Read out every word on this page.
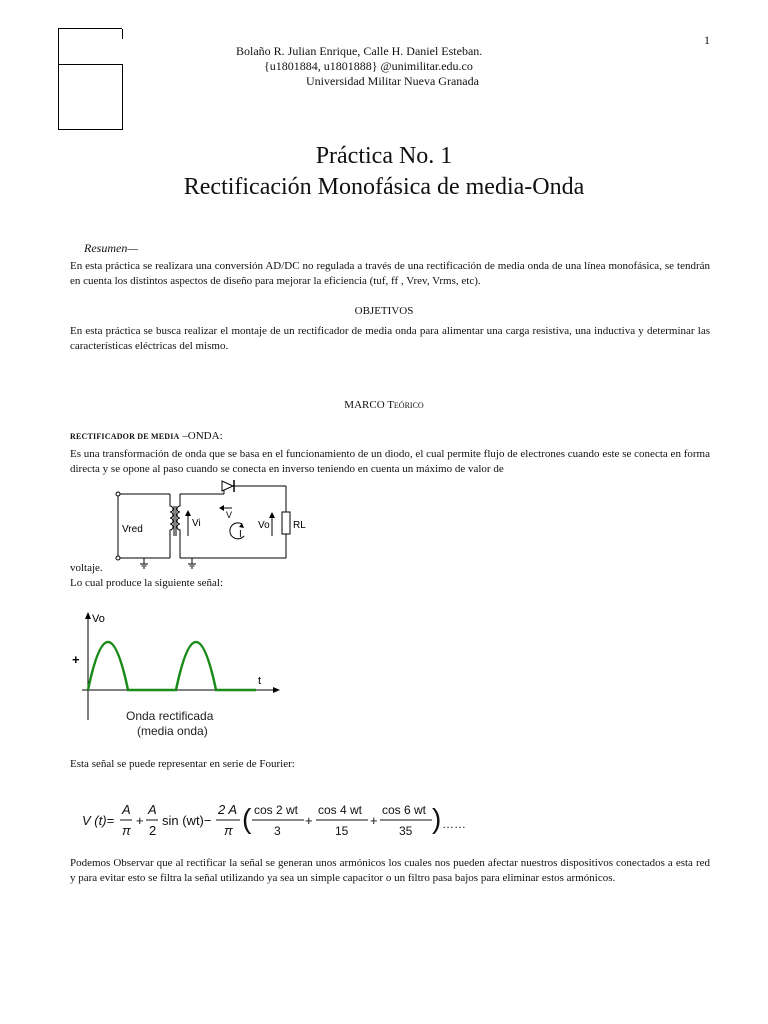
1
Bolaño R. Julian Enrique, Calle H. Daniel Esteban.
{u1801884, u1801888} @unimilitar.edu.co
Universidad Militar Nueva Granada
Práctica No. 1
Rectificación Monofásica de media-Onda
Resumen—
En esta práctica se realizara una conversión AD/DC no regulada a través de una rectificación de media onda de una línea monofásica, se tendrán en cuenta los distintos aspectos de diseño para mejorar la eficiencia (tuf, ff , Vrev, Vrms, etc).
OBJETIVOS
En esta práctica se busca realizar el montaje de un rectificador de media onda para alimentar una carga resistiva, una inductiva y determinar las características eléctricas del mismo.
MARCO Teórico
RECTIFICADOR DE MEDIA –ONDA:
Es una transformación de onda que se basa en el funcionamiento de un diodo, el cual permite flujo de electrones cuando este se conecta en forma directa y se opone al paso cuando se conecta en inverso teniendo en cuenta un máximo de valor de
Vred
Vi
V
I
Vo RL
voltaje.
Lo cual produce la siguiente señal:
Vo
t
+
Onda rectificada
(media onda)
Esta señal se puede representar en serie de Fourier:
V (t)=
A
π
+
A
2
sin (wt)−
2 A
π ( cos 2 wt
3
+
cos 4 wt
15
+
cos 6 wt
35 ) ……
Podemos Observar que al rectificar la señal se generan unos armónicos los cuales nos pueden afectar nuestros dispositivos conectados a esta red y para evitar esto se filtra la señal utilizando ya sea un simple capacitor o un filtro pasa bajos para eliminar estos armónicos.
